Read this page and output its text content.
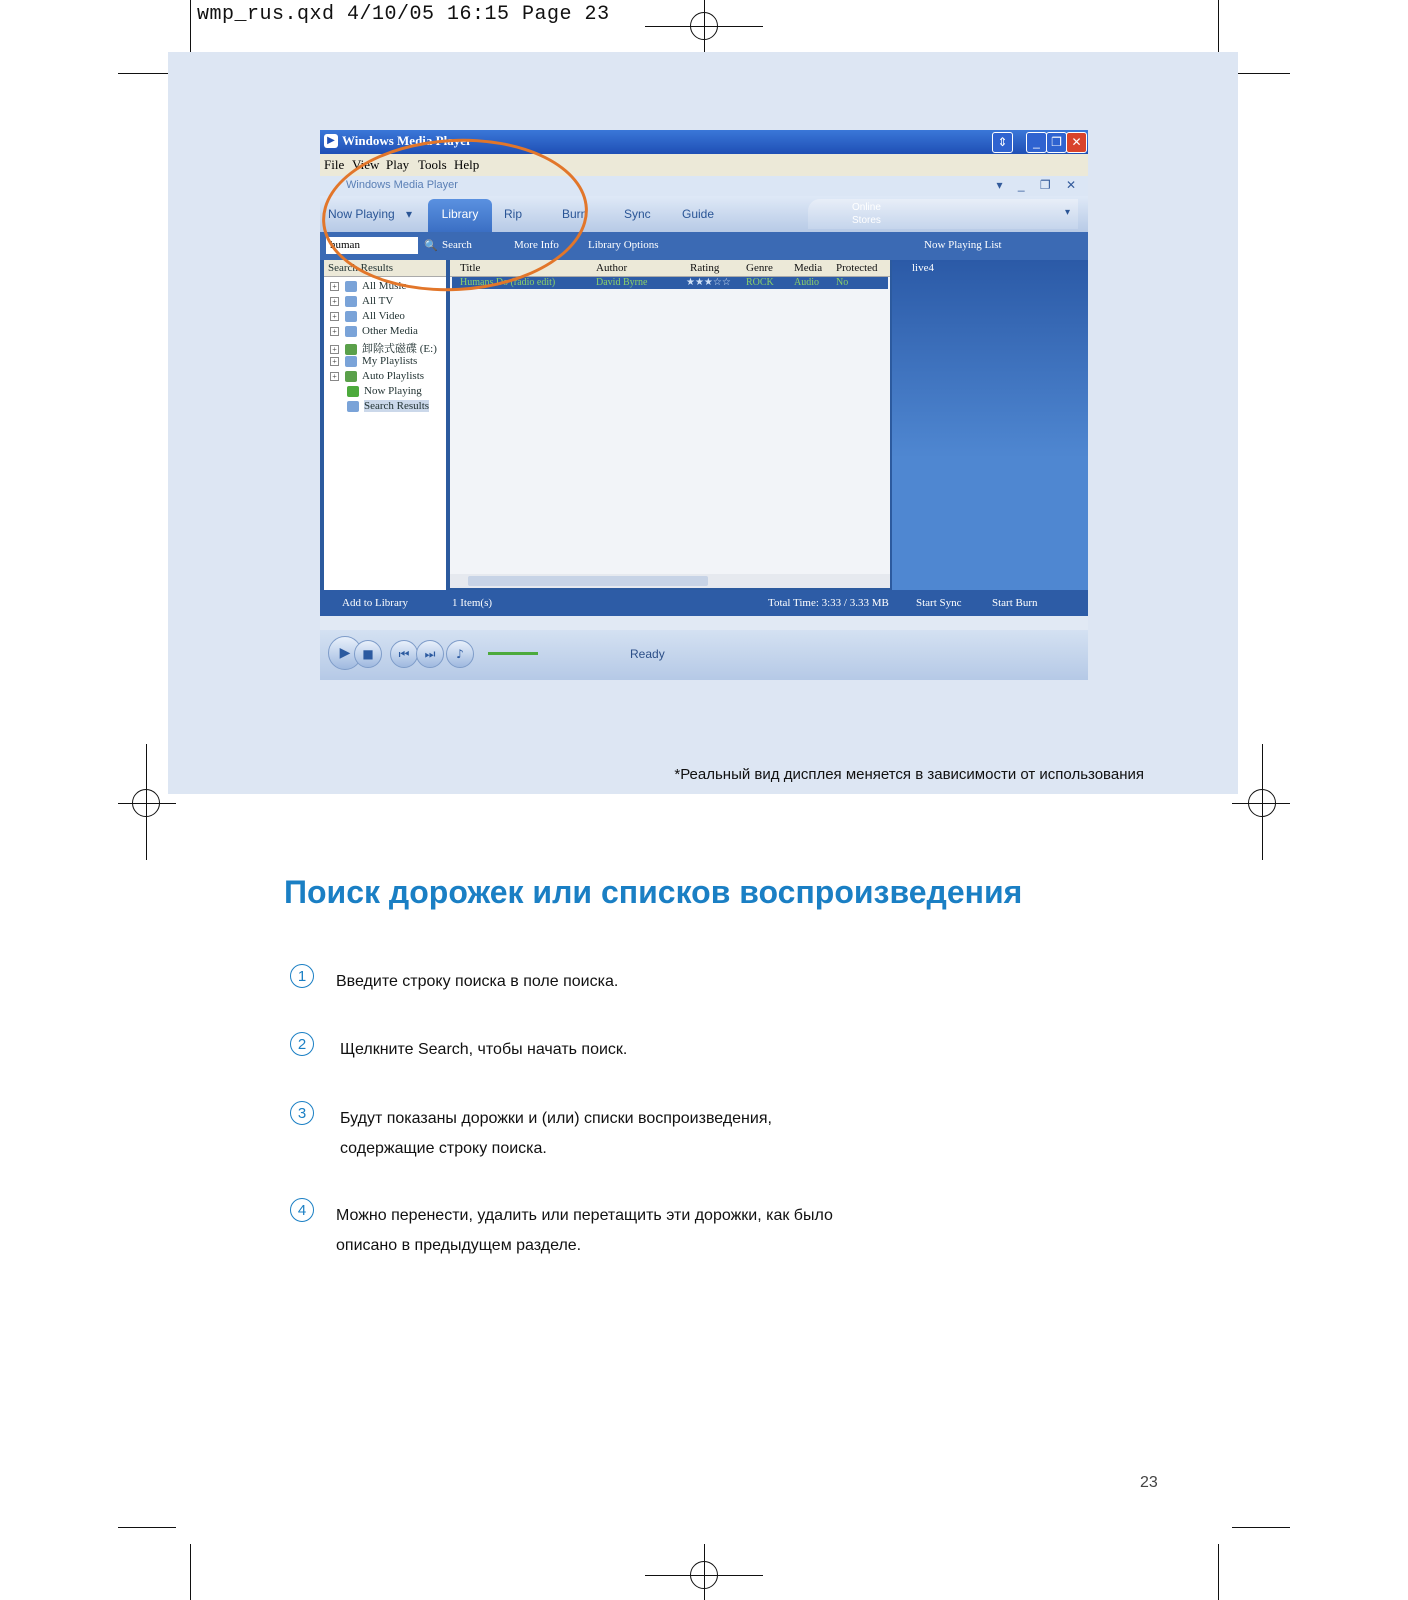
wmp_rus.qxd 4/10/05 16:15 Page 23
▶ Windows Media Player	⇕	_ ❐ ✕
File View Play Tools Help
Windows Media Player	▾ _ ❐ ✕
Now Playing ▾	Library	Rip	Burn	Sync	Guide	Online Stores
▾
human	🔍 Search	More Info	Library Options	Now Playing List
Search Results
+ All Music
+ All TV
+ All Video
+ Other Media
+ 卸除式磁碟 (E:)
+ My Playlists
+ Auto Playlists
Now Playing
Search Results
Title	Author	Rating Genre Media Protected
Humans Do (radio edit)	David Byrne	★★★☆☆ ROCK Audio No
live4
Add to Library	1 Item(s)	Total Time: 3:33 / 3.33 MB Start Sync	Start Burn
▶ ■	⏮	⏭	♪	Ready
*Реальный вид дисплея меняется в зависимости от использования
Поиск дорожек или списков воспроизведения
1	Введите строку поиска в поле поиска.
2	Щелкните Search, чтобы начать поиск.
3	Будут показаны дорожки и (или) списки воспроизведения, содержащие строку поиска.
4	Можно перенести, удалить или перетащить эти дорожки, как было описано в предыдущем разделе.
23
